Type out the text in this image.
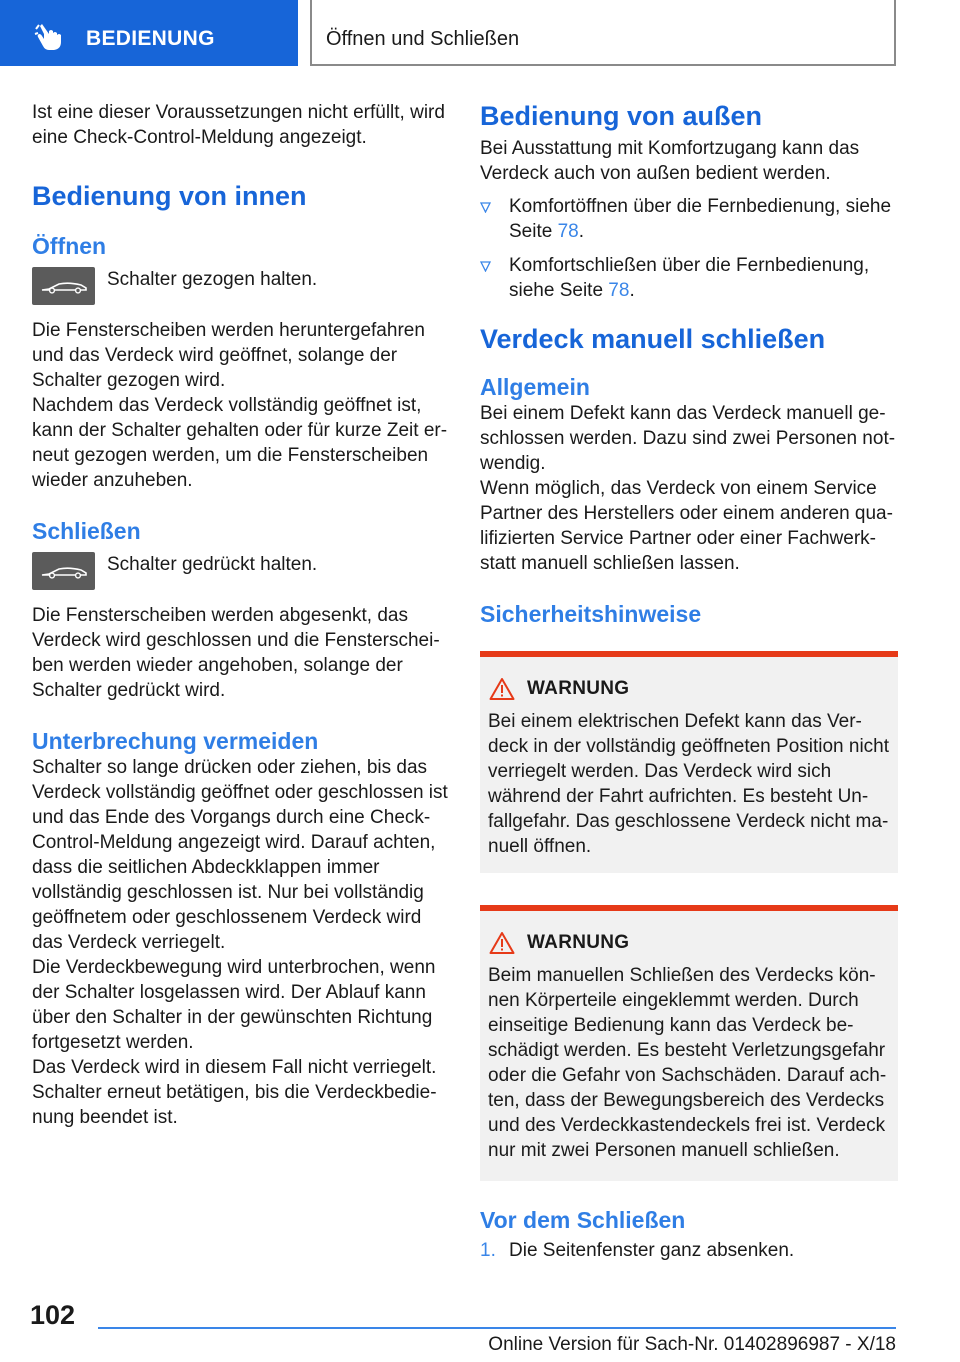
BEDIENUNG	Öffnen und Schließen

Ist eine dieser Voraussetzungen nicht erfüllt, wird eine Check-Control-Meldung angezeigt.

Bedienung von innen
Öffnen

Schalter gezogen halten.

Die Fensterscheiben werden heruntergefahren und das Verdeck wird geöffnet, solange der Schalter gezogen wird.

Nachdem das Verdeck vollständig geöffnet ist, kann der Schalter gehalten oder für kurze Zeit erneut gezogen werden, um die Fensterscheiben wieder anzuheben.

Schließen

Schalter gedrückt halten.

Die Fensterscheiben werden abgesenkt, das Verdeck wird geschlossen und die Fensterscheiben werden wieder angehoben, solange der Schalter gedrückt wird.

Unterbrechung vermeiden

Schalter so lange drücken oder ziehen, bis das Verdeck vollständig geöffnet oder geschlossen ist und das Ende des Vorgangs durch eine Check-Control-Meldung angezeigt wird. Darauf achten, dass die seitlichen Abdeckklappen immer vollständig geschlossen ist. Nur bei vollständig geöffnetem oder geschlossenem Verdeck wird das Verdeck verriegelt.

Die Verdeckbewegung wird unterbrochen, wenn der Schalter losgelassen wird. Der Ablauf kann über den Schalter in der gewünschten Richtung fortgesetzt werden.

Das Verdeck wird in diesem Fall nicht verriegelt. Schalter erneut betätigen, bis die Verdeckbedienung beendet ist.

Bedienung von außen

Bei Ausstattung mit Komfortzugang kann das Verdeck auch von außen bedient werden.

Komfortöffnen über die Fernbedienung, siehe Seite 78.
Komfortschließen über die Fernbedienung, siehe Seite 78.
Verdeck manuell schließen
Allgemein

Bei einem Defekt kann das Verdeck manuell geschlossen werden. Dazu sind zwei Personen notwendig.

Wenn möglich, das Verdeck von einem Service Partner des Herstellers oder einem anderen qualifizierten Service Partner oder einer Fachwerkstatt manuell schließen lassen.

Sicherheitshinweise
WARNUNG

Bei einem elektrischen Defekt kann das Verdeck in der vollständig geöffneten Position nicht verriegelt werden. Das Verdeck wird sich während der Fahrt aufrichten. Es besteht Unfallgefahr. Das geschlossene Verdeck nicht manuell öffnen.

WARNUNG

Beim manuellen Schließen des Verdecks können Körperteile eingeklemmt werden. Durch einseitige Bedienung kann das Verdeck beschädigt werden. Es besteht Verletzungsgefahr oder die Gefahr von Sachschäden. Darauf achten, dass der Bewegungsbereich des Verdecks und des Verdeckkastendeckels frei ist. Verdeck nur mit zwei Personen manuell schließen.

Vor dem Schließen
1. Die Seitenfenster ganz absenken.
102
Online Version für Sach-Nr. 01402896987 - X/18
